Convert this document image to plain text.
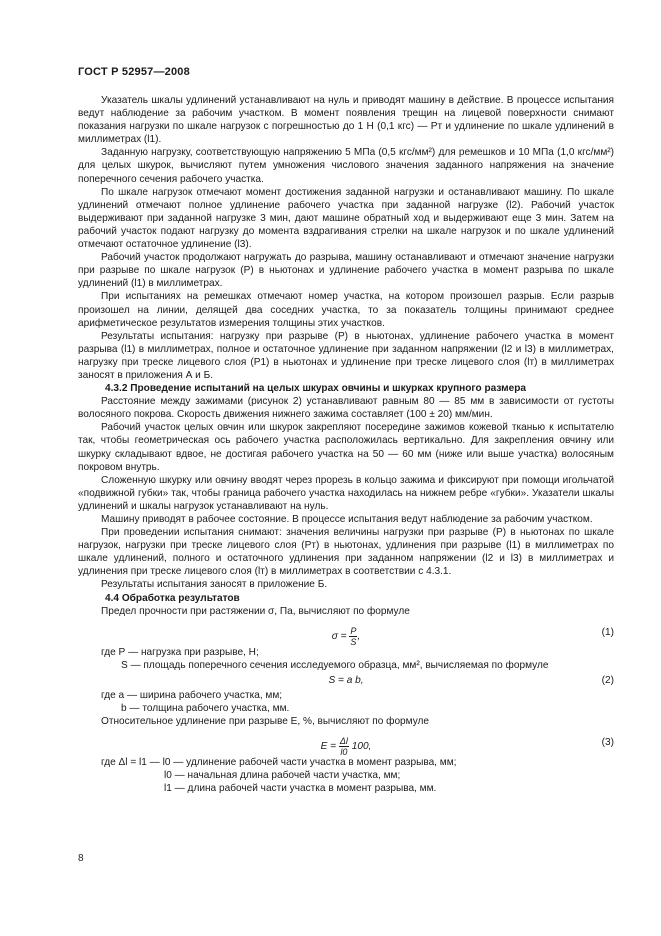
ГОСТ Р 52957—2008

Указатель шкалы удлинений устанавливают на нуль и приводят машину в действие. В процессе испытания ведут наблюдение за рабочим участком. В момент появления трещин на лицевой поверхности снимают показания нагрузки по шкале нагрузок с погрешностью до 1 Н (0,1 кгс) — Рт и удлинение по шкале удлинений в миллиметрах (l1).

Заданную нагрузку, соответствующую напряжению 5 МПа (0,5 кгс/мм²) для ремешков и 10 МПа (1,0 кгс/мм²) для целых шкурок, вычисляют путем умножения числового значения заданного напряжения на значение поперечного сечения рабочего участка.

По шкале нагрузок отмечают момент достижения заданной нагрузки и останавливают машину. По шкале удлинений отмечают полное удлинение рабочего участка при заданной нагрузке (l2). Рабочий участок выдерживают при заданной нагрузке 3 мин, дают машине обратный ход и выдерживают еще 3 мин. Затем на рабочий участок подают нагрузку до момента вздрагивания стрелки на шкале нагрузок и по шкале удлинений отмечают остаточное удлинение (l3).

Рабочий участок продолжают нагружать до разрыва, машину останавливают и отмечают значение нагрузки при разрыве по шкале нагрузок (Р) в ньютонах и удлинение рабочего участка в момент разрыва по шкале удлинений (l1) в миллиметрах.

При испытаниях на ремешках отмечают номер участка, на котором произошел разрыв. Если разрыв произошел на линии, делящей два соседних участка, то за показатель толщины принимают среднее арифметическое результатов измерения толщины этих участков.

Результаты испытания: нагрузку при разрыве (Р) в ньютонах, удлинение рабочего участка в момент разрыва (l1) в миллиметрах, полное и остаточное удлинение при заданном напряжении (l2 и l3) в миллиметрах, нагрузку при треске лицевого слоя (Р1) в ньютонах и удлинение при треске лицевого слоя (lт) в миллиметрах заносят в приложения А и Б.

4.3.2 Проведение испытаний на целых шкурах овчины и шкурках крупного размера

Расстояние между зажимами (рисунок 2) устанавливают равным 80 — 85 мм в зависимости от густоты волосяного покрова. Скорость движения нижнего зажима составляет (100 ± 20) мм/мин.

Рабочий участок целых овчин или шкурок закрепляют посередине зажимов кожевой тканью к испытателю так, чтобы геометрическая ось рабочего участка расположилась вертикально. Для закрепления овчину или шкурку складывают вдвое, не достигая рабочего участка на 50 — 60 мм (ниже или выше участка) волосяным покровом внутрь.

Сложенную шкурку или овчину вводят через прорезь в кольцо зажима и фиксируют при помощи игольчатой «подвижной губки» так, чтобы граница рабочего участка находилась на нижнем ребре «губки». Указатели шкалы удлинений и шкалы нагрузок устанавливают на нуль.

Машину приводят в рабочее состояние. В процессе испытания ведут наблюдение за рабочим участком.

При проведении испытания снимают: значения величины нагрузки при разрыве (Р) в ньютонах по шкале нагрузок, нагрузки при треске лицевого слоя (Рт) в ньютонах, удлинения при разрыве (l1) в миллиметрах по шкале удлинений, полного и остаточного удлинения при заданном напряжении (l2 и l3) в миллиметрах и удлинения при треске лицевого слоя (lт) в миллиметрах в соответствии с 4.3.1.

Результаты испытания заносят в приложение Б.

4.4 Обработка результатов

Предел прочности при растяжении σ, Па, вычисляют по формуле

$\sigma = \frac{P}{S}$ ,	(1)

где Р — нагрузка при разрыве, Н;

S — площадь поперечного сечения исследуемого образца, мм², вычисляемая по формуле

S = a b,	(2)

где а — ширина рабочего участка, мм;

b — толщина рабочего участка, мм.

Относительное удлинение при разрыве Е, %, вычисляют по формуле

$E = \frac{\Delta l}{l0} 100$,	(3)

где Δl = l1 — l0 — удлинение рабочей части участка в момент разрыва, мм;

l0 — начальная длина рабочей части участка, мм;

l1 — длина рабочей части участка в момент разрыва, мм.

8
